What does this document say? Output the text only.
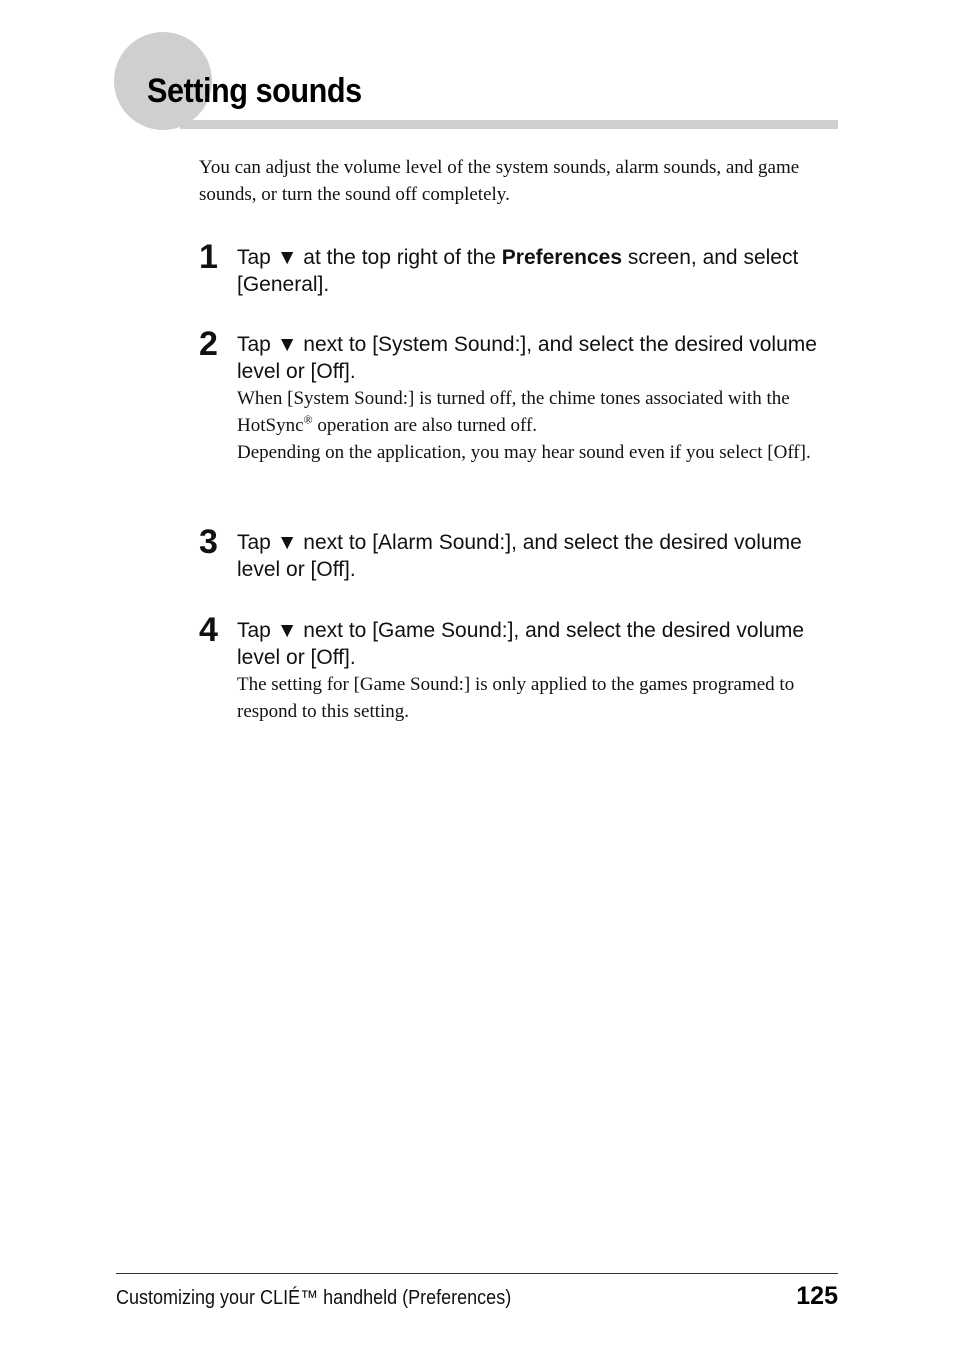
Setting sounds

You can adjust the volume level of the system sounds, alarm sounds, and game sounds, or turn the sound off completely.

1 Tap ▼ at the top right of the Preferences screen, and select [General].

2 Tap ▼ next to [System Sound:], and select the desired volume level or [Off].

When [System Sound:] is turned off, the chime tones associated with the HotSync® operation are also turned off.

Depending on the application, you may hear sound even if you select [Off].

3 Tap ▼ next to [Alarm Sound:], and select the desired volume level or [Off].

4 Tap ▼ next to [Game Sound:], and select the desired volume level or [Off].

The setting for [Game Sound:] is only applied to the games programed to respond to this setting.

Customizing your CLIÉ™ handheld (Preferences)	125
